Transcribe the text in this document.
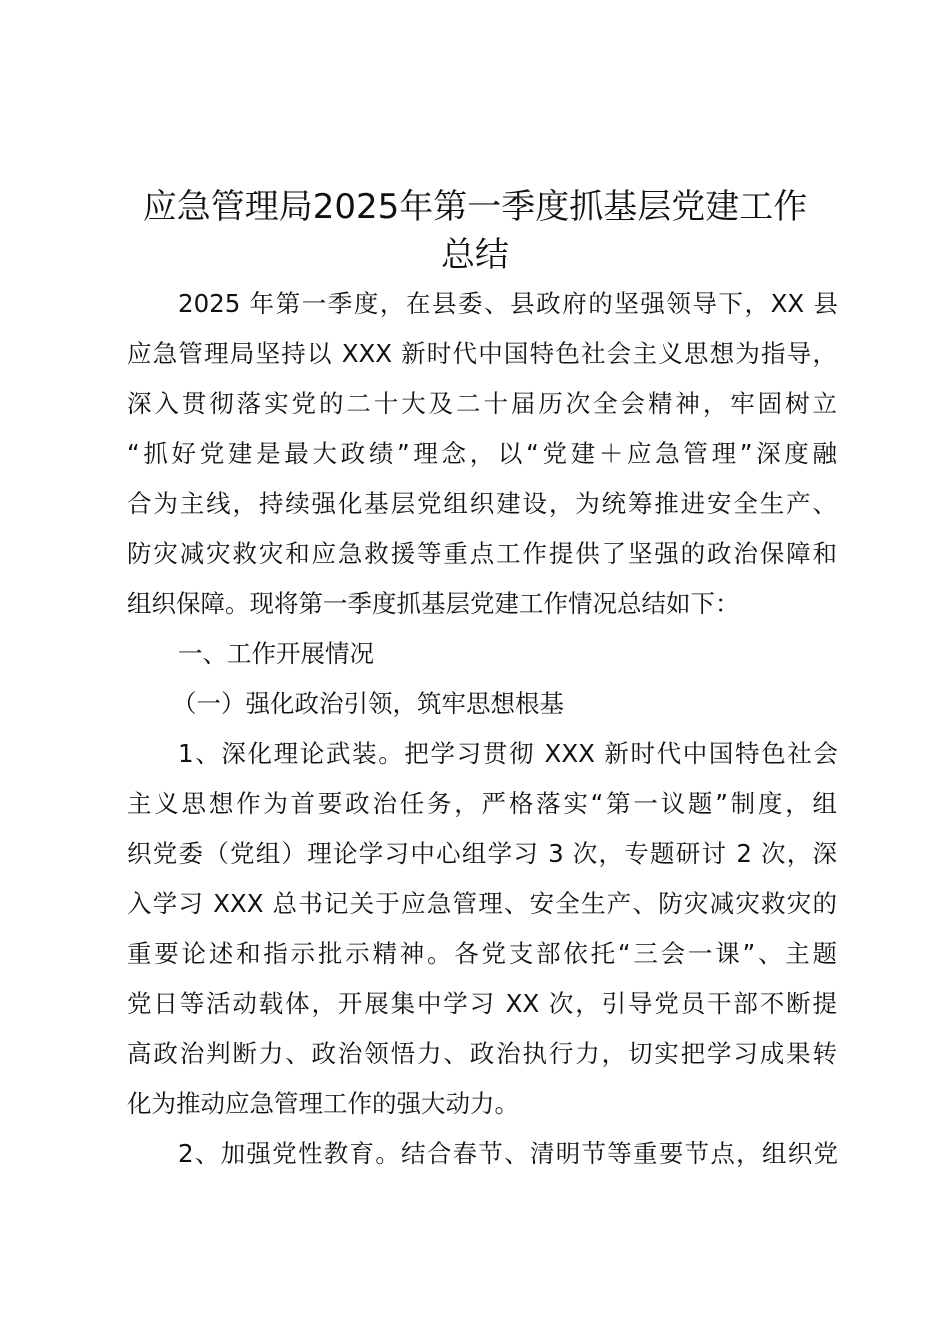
应急管理局2025年第一季度抓基层党建工作
总结
2025 年第一季度，在县委、县政府的坚强领导下，XX 县
应急管理局坚持以 XXX 新时代中国特色社会主义思想为指导，
深入贯彻落实党的二十大及二十届历次全会精神，牢固树立
“抓好党建是最大政绩”理念，以“党建＋应急管理”深度融
合为主线，持续强化基层党组织建设，为统筹推进安全生产、
防灾减灾救灾和应急救援等重点工作提供了坚强的政治保障和
组织保障。现将第一季度抓基层党建工作情况总结如下：
一、工作开展情况
（一）强化政治引领，筑牢思想根基
1、深化理论武装。把学习贯彻 XXX 新时代中国特色社会
主义思想作为首要政治任务，严格落实“第一议题”制度，组
织党委（党组）理论学习中心组学习 3 次，专题研讨 2 次，深
入学习 XXX 总书记关于应急管理、安全生产、防灾减灾救灾的
重要论述和指示批示精神。各党支部依托“三会一课”、主题
党日等活动载体，开展集中学习 XX 次，引导党员干部不断提
高政治判断力、政治领悟力、政治执行力，切实把学习成果转
化为推动应急管理工作的强大动力。
2、加强党性教育。结合春节、清明节等重要节点，组织党
